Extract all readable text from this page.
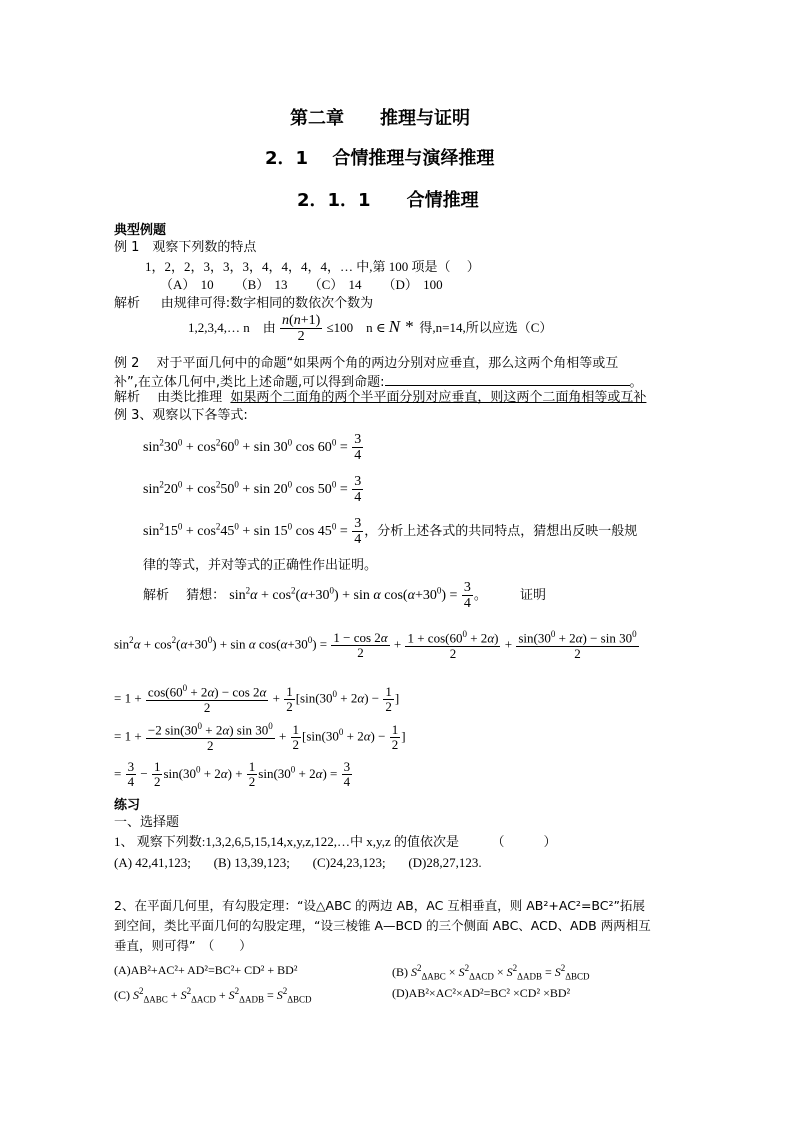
第二章　　推理与证明
2．1　 合情推理与演绎推理
2．1．1　　合情推理
典型例题
例 1　观察下列数的特点
1，2，2，3，3，3，4，4，4，4，… 中,第 100 项是（　 ）
（A） 10 （B） 13 （C） 14 （D） 100
解析 由规律可得:数字相同的数依次个数为
1,2,3,4,… n　由 $\frac{n(n+1)}{2} \le 100$　n ∈ N * 得,n=14,所以应选（C）
例 2　 对于平面几何中的命题“如果两个角的两边分别对应垂直，那么这两个角相等或互
补”,在立体几何中,类比上述命题,可以得到命题:	。
解析　 由类比推理 如果两个二面角的两个半平面分别对应垂直，则这两个二面角相等或互补
例 3、观察以下各等式:
$\sin^230^0 + \cos^260^0 + \sin 30^0$ $\cos 60^0 = \frac{3}{4}$
$\sin^220^0 + \cos^250^0 + \sin 20^0$ $\cos 50^0 = \frac{3}{4}$
$\sin^215^0 + \cos^245^0 + \sin 15^0$ $\cos 45^0 = \frac{3}{4}$ ，分析上述各式的共同特点，猜想出反映一般规
律的等式，并对等式的正确性作出证明。
解析　 猜想： $\sin^2\alpha + \cos^2(\alpha+30^0) + \sin \alpha$ $\cos(\alpha+30^0) = \frac{3}{4}$ 。        证明
$\sin^2\alpha + \cos^2(\alpha+30^0) + \sin \alpha$ $\cos(\alpha+30^0) = \frac{1 - \cos 2\alpha}{2} + \frac{1 + \cos(60^0 + 2\alpha)}{2} + \frac{\sin(30^0 + 2\alpha) - \sin 30^0}{2}$
= $1 + \frac{\cos(60^0 + 2\alpha) - \cos 2\alpha}{2} + \frac{1}{2} [\sin(30^0 + 2\alpha) - \frac{1}{2}$ ]
= $1 + \frac{-2 \sin(30^0 + 2\alpha) \sin 30^0}{2} + \frac{1}{2} [\sin(30^0 + 2\alpha) - \frac{1}{2}$ ]
= $\frac{3}{4} - \frac{1}{2} \sin(30^0 + 2\alpha) + \frac{1}{2} \sin(30^0 + 2\alpha) = \frac{3}{4}$
练习
一、选择题
1、 观察下列数:1,3,2,6,5,15,14,x,y,z,122,…中 x,y,z 的值依次是　　　（　　　）
(A) 42,41,123; (B) 13,39,123; (C)24,23,123; (D)28,27,123.
2、在平面几何里，有勾股定理：“设△ABC 的两边 AB，AC 互相垂直，则 AB²+AC²=BC²”拓展
到空间，类比平面几何的勾股定理，“设三棱锥 A—BCD 的三个侧面 ABC、ACD、ADB 两两相互
垂直，则可得”　（　　）
(A)AB²+AC²+ AD²=BC²+ CD² + BD²	(B) $S^2_{\Delta ABC} \times S^2_{\Delta ACD} \times S^2_{\Delta ADB} = S^2_{\Delta BCD}$
(C) $S^2_{\Delta ABC} + S^2_{\Delta ACD} + S^2_{\Delta ADB} = S^2_{\Delta BCD}$	(D)AB²×AC²×AD²=BC² ×CD² ×BD²
